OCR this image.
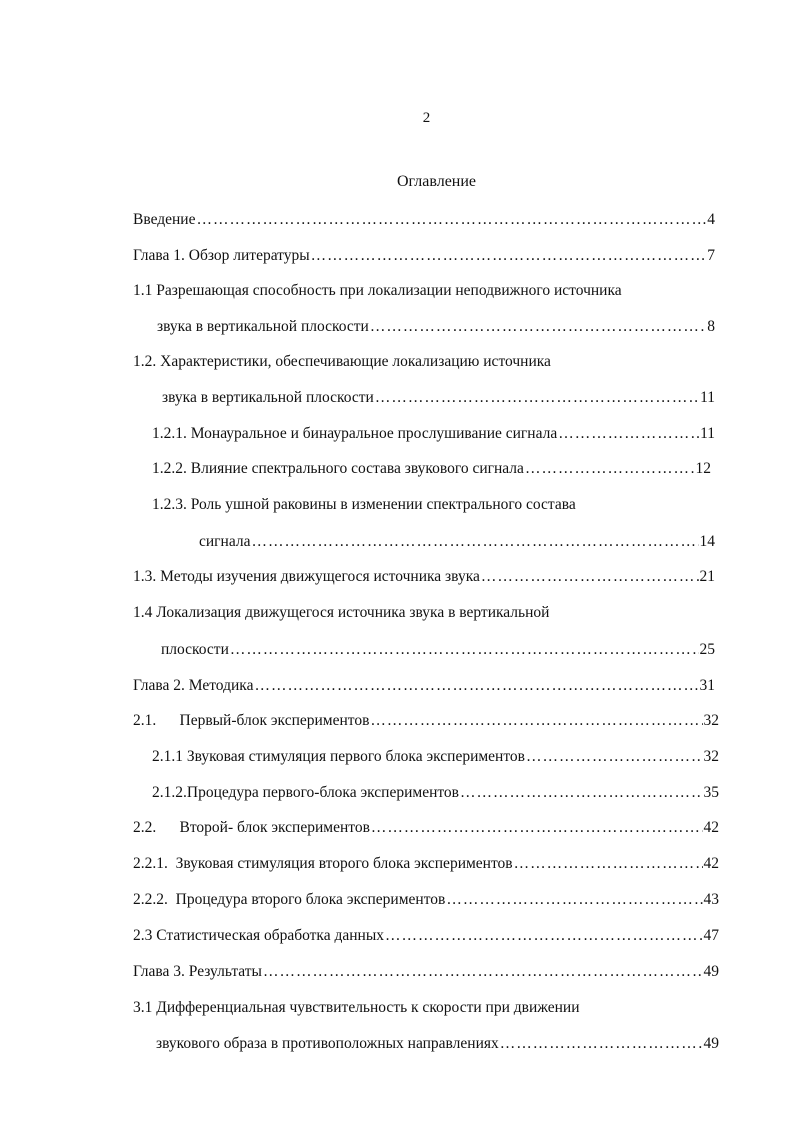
2
Оглавление
Введение …………………………………………………………………………………………………………………………………	4
Глава 1. Обзор литературы …………………………………………………………………………………………………………………………………	7
1.1 Разрешающая способность при локализации неподвижного источника
звука в вертикальной плоскости …………………………………………………………………………………………………………………………………	8
1.2. Характеристики, обеспечивающие локализацию источника
звука в вертикальной плоскости …………………………………………………………………………………………………………………………………	11
1.2.1. Монауральное и бинауральное прослушивание сигнала …………………………………………………………………………………………………………………………………	11
1.2.2. Влияние спектрального состава звукового сигнала …………………………………………………………………………………………………………………………………	12
1.2.3. Роль ушной раковины в изменении спектрального состава
сигнала …………………………………………………………………………………………………………………………………	14
1.3. Методы изучения движущегося источника звука …………………………………………………………………………………………………………………………………	21
1.4 Локализация движущегося источника звука в вертикальной
плоскости …………………………………………………………………………………………………………………………………	25
Глава 2. Методика …………………………………………………………………………………………………………………………………	31
2.1.      Первый-блок экспериментов …………………………………………………………………………………………………………………………………	32
2.1.1 Звуковая стимуляция первого блока экспериментов …………………………………………………………………………………………………………………………………	32
2.1.2.Процедура первого-блока экспериментов …………………………………………………………………………………………………………………………………	35
2.2.      Второй- блок экспериментов …………………………………………………………………………………………………………………………………	42
2.2.1.  Звуковая стимуляция второго блока экспериментов …………………………………………………………………………………………………………………………………	42
2.2.2.  Процедура второго блока экспериментов …………………………………………………………………………………………………………………………………	43
2.3 Статистическая обработка данных …………………………………………………………………………………………………………………………………	47
Глава 3. Результаты …………………………………………………………………………………………………………………………………	49
3.1 Дифференциальная чувствительность к скорости при движении
звукового образа в противоположных направлениях …………………………………………………………………………………………………………………………………	49
